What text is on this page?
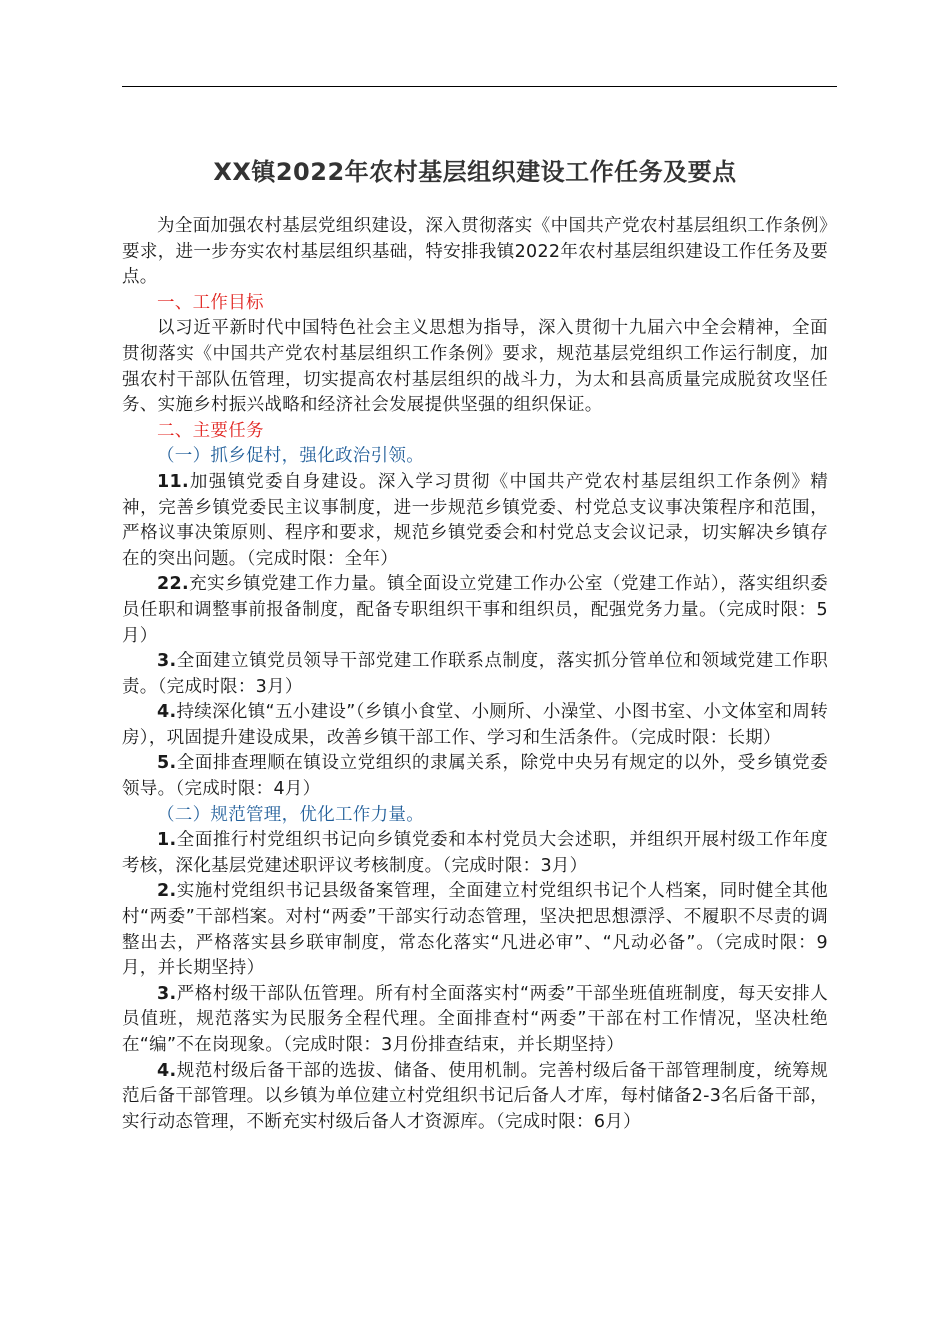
XX镇2022年农村基层组织建设工作任务及要点

为全面加强农村基层党组织建设，深入贯彻落实《中国共产党农村基层组织工作条例》要求，进一步夯实农村基层组织基础，特安排我镇2022年农村基层组织建设工作任务及要点。

一、工作目标

以习近平新时代中国特色社会主义思想为指导，深入贯彻十九届六中全会精神，全面贯彻落实《中国共产党农村基层组织工作条例》要求，规范基层党组织工作运行制度，加强农村干部队伍管理，切实提高农村基层组织的战斗力，为太和县高质量完成脱贫攻坚任务、实施乡村振兴战略和经济社会发展提供坚强的组织保证。

二、主要任务

（一）抓乡促村，强化政治引领。

11.加强镇党委自身建设。深入学习贯彻《中国共产党农村基层组织工作条例》精神，完善乡镇党委民主议事制度，进一步规范乡镇党委、村党总支议事决策程序和范围，严格议事决策原则、程序和要求，规范乡镇党委会和村党总支会议记录，切实解决乡镇存在的突出问题。（完成时限：全年）

22.充实乡镇党建工作力量。镇全面设立党建工作办公室（党建工作站），落实组织委员任职和调整事前报备制度，配备专职组织干事和组织员，配强党务力量。（完成时限：5月）

3.全面建立镇党员领导干部党建工作联系点制度，落实抓分管单位和领域党建工作职责。（完成时限：3月）

4.持续深化镇“五小建设”（乡镇小食堂、小厕所、小澡堂、小图书室、小文体室和周转房），巩固提升建设成果，改善乡镇干部工作、学习和生活条件。（完成时限：长期）

5.全面排查理顺在镇设立党组织的隶属关系，除党中央另有规定的以外，受乡镇党委领导。（完成时限：4月）

（二）规范管理，优化工作力量。

1.全面推行村党组织书记向乡镇党委和本村党员大会述职，并组织开展村级工作年度考核，深化基层党建述职评议考核制度。（完成时限：3月）

2.实施村党组织书记县级备案管理，全面建立村党组织书记个人档案，同时健全其他村“两委”干部档案。对村“两委”干部实行动态管理，坚决把思想漂浮、不履职不尽责的调整出去，严格落实县乡联审制度，常态化落实“凡进必审”、“凡动必备”。（完成时限：9月，并长期坚持）

3.严格村级干部队伍管理。所有村全面落实村“两委”干部坐班值班制度，每天安排人员值班，规范落实为民服务全程代理。全面排查村“两委”干部在村工作情况，坚决杜绝在“编”不在岗现象。（完成时限：3月份排查结束，并长期坚持）

4.规范村级后备干部的选拔、储备、使用机制。完善村级后备干部管理制度，统筹规范后备干部管理。以乡镇为单位建立村党组织书记后备人才库，每村储备2-3名后备干部，实行动态管理，不断充实村级后备人才资源库。（完成时限：6月）
